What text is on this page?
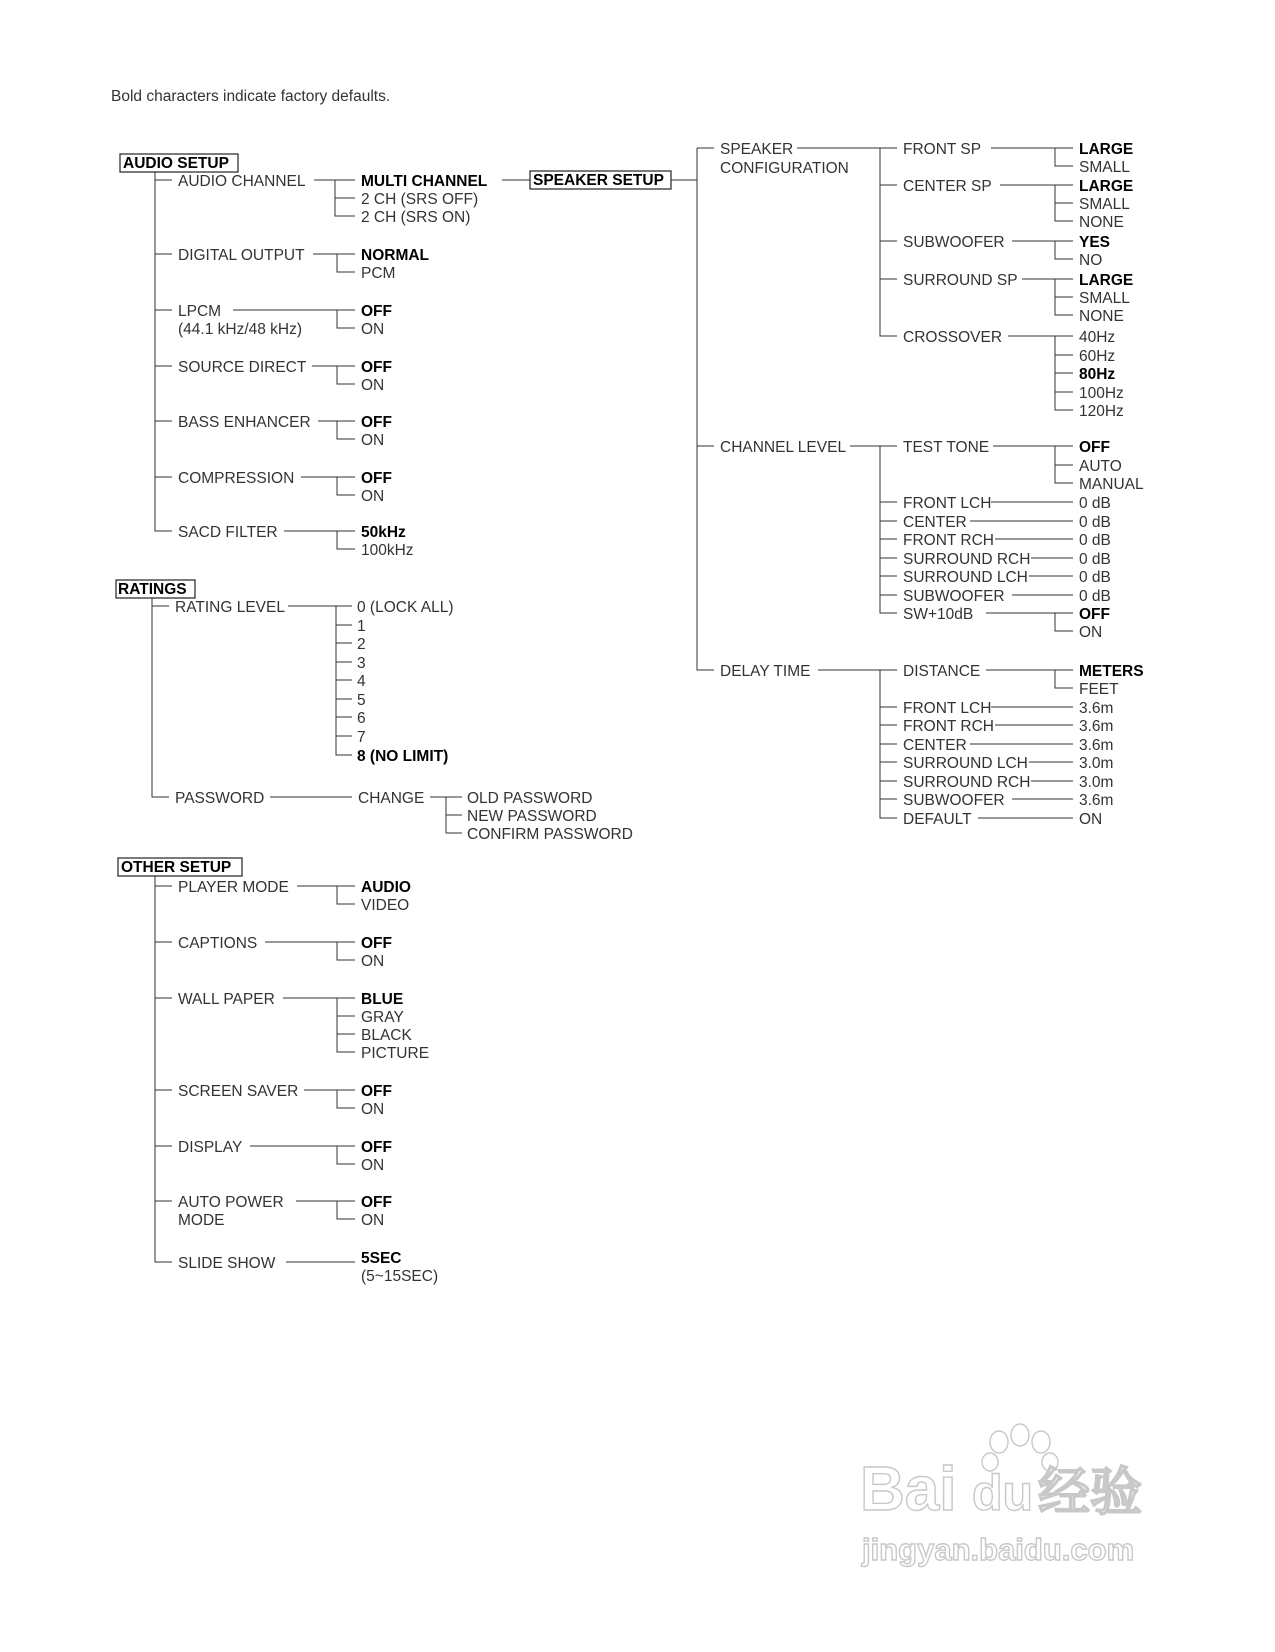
Bold characters indicate factory defaults.
AUDIO SETUP
AUDIO CHANNEL	MULTI CHANNEL
2 CH (SRS OFF)
2 CH (SRS ON)
DIGITAL OUTPUT	NORMAL
PCM
LPCM
(44.1 kHz/48 kHz)
OFF
ON
SOURCE DIRECT	OFF
ON
BASS ENHANCER	OFF
ON
COMPRESSION	OFF
ON
SACD FILTER	50kHz
100kHz
RATINGS
RATING LEVEL	0 (LOCK ALL)
1
2
3
4
5
6
7
8 (NO LIMIT)
PASSWORD	CHANGE	OLD PASSWORD
NEW PASSWORD
CONFIRM PASSWORD
OTHER SETUP
PLAYER MODE	AUDIO
VIDEO
CAPTIONS	OFF
ON
WALL PAPER	BLUE
GRAY
BLACK
PICTURE
SCREEN SAVER	OFF
ON
DISPLAY	OFF
ON
AUTO POWER
MODE
OFF
ON
SLIDE SHOW	5SEC
(5~15SEC)
SPEAKER SETUP
SPEAKER
CONFIGURATION
FRONT SP	LARGE
SMALL
CENTER SP	LARGE
SMALL
NONE
SUBWOOFER	YES
NO
SURROUND SP	LARGE
SMALL
NONE
CROSSOVER	40Hz
60Hz
80Hz
100Hz
120Hz
CHANNEL LEVEL	TEST TONE	OFF
AUTO
MANUAL
FRONT LCH	0 dB
CENTER	0 dB
FRONT RCH	0 dB
SURROUND RCH	0 dB
SURROUND LCH	0 dB
SUBWOOFER	0 dB
SW+10dB	OFF
ON
DELAY TIME	DISTANCE	METERS
FEET
FRONT LCH	3.6m
FRONT RCH	3.6m
CENTER	3.6m
SURROUND LCH	3.0m
SURROUND RCH	3.0m
SUBWOOFER	3.6m
DEFAULT	ON
Bai du 经验
jingyan.baidu.com
